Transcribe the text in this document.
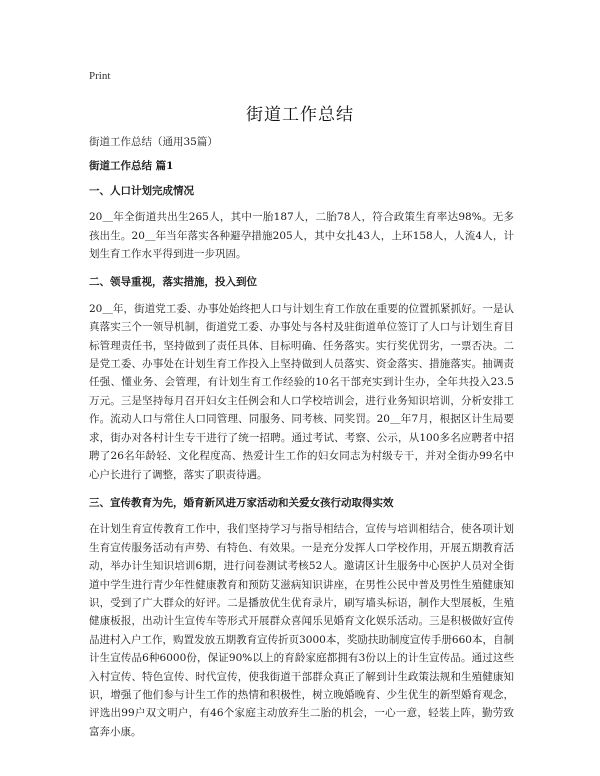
Print
街道工作总结

街道工作总结（通用35篇）

街道工作总结 篇1

一、人口计划完成情况

20＿年全街道共出生265人，其中一胎187人，二胎78人，符合政策生育率达98%。无多孩出生。20＿年当年落实各种避孕措施205人，其中女扎43人，上环158人，人流4人，计划生育工作水平得到进一步巩固。

二、领导重视，落实措施，投入到位

20＿年，街道党工委、办事处始终把人口与计划生育工作放在重要的位置抓紧抓好。一是认真落实三个一领导机制，街道党工委、办事处与各村及驻街道单位签订了人口与计划生育目标管理责任书，坚持做到了责任具体、目标明确、任务落实。实行奖优罚劣，一票否决。二是党工委、办事处在计划生育工作投入上坚持做到人员落实、资金落实、措施落实。抽调责任强、懂业务、会管理，有计划生育工作经验的10名干部充实到计生办，全年共投入23.5万元。三是坚持每月召开妇女主任例会和人口学校培训会，进行业务知识培训，分析安排工作。流动人口与常住人口同管理、同服务、同考核、同奖罚。20＿年7月，根据区计生局要求，街办对各村计生专干进行了统一招聘。通过考试、考察、公示，从100多名应聘者中招聘了26名年龄轻、文化程度高、热爱计生工作的妇女同志为村级专干，并对全街办99名中心户长进行了调整，落实了职责待遇。

三、宣传教育为先，婚育新风进万家活动和关爱女孩行动取得实效

在计划生育宣传教育工作中，我们坚持学习与指导相结合，宣传与培训相结合，使各项计划生育宣传服务活动有声势、有特色、有效果。一是充分发挥人口学校作用，开展五期教育活动，举办计生知识培训6期，进行问卷测试考核52人。邀请区计生服务中心医护人员对全街道中学生进行青少年性健康教育和预防艾滋病知识讲座，在男性公民中普及男性生殖健康知识，受到了广大群众的好评。二是播放优生优育录片，刷写墙头标语，制作大型展板，生殖健康板报，出动计生宣传车等形式开展群众喜闻乐见婚育文化娱乐活动。三是积极做好宣传品进村入户工作，购置发放五期教育宣传折页3000本，奖励扶助制度宣传手册660本，自制计生宣传品6种6000份，保证90%以上的育龄家庭都拥有3份以上的计生宣传品。通过这些入村宣传、特色宣传、时代宣传，使我街道干部群众真正了解到计生政策法规和生殖健康知识，增强了他们参与计生工作的热情和积极性，树立晚婚晚育、少生优生的新型婚育观念，评选出99户双文明户，有46个家庭主动放弃生二胎的机会，一心一意，轻装上阵，勤劳致富奔小康。
